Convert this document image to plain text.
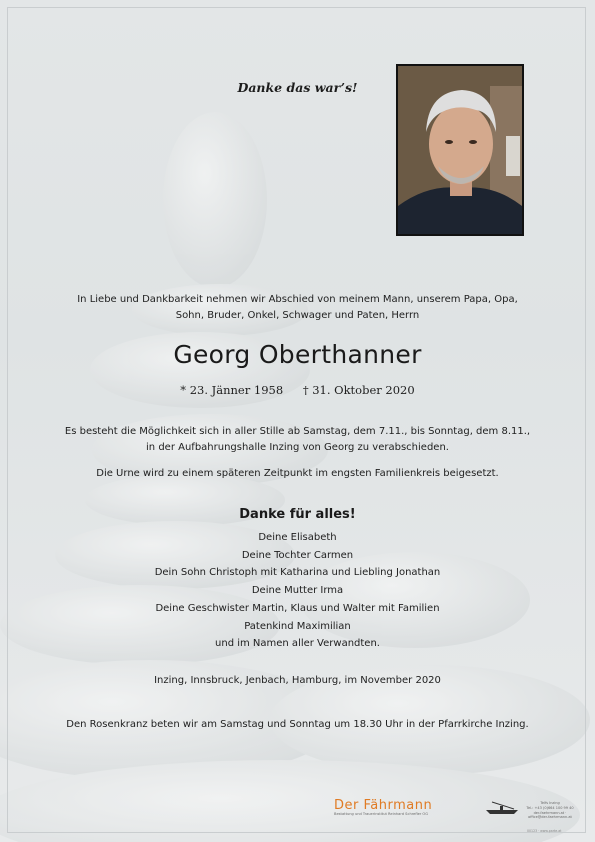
Danke das war’s!
In Liebe und Dankbarkeit nehmen wir Abschied von meinem Mann, unserem Papa, Opa,
Sohn, Bruder, Onkel, Schwager und Paten, Herrn
Georg Oberthanner
* 23. Jänner 1958 † 31. Oktober 2020
Es besteht die Möglichkeit sich in aller Stille ab Samstag, dem 7.11., bis Sonntag, dem 8.11.,
in der Aufbahrungshalle Inzing von Georg zu verabschieden.
Die Urne wird zu einem späteren Zeitpunkt im engsten Familienkreis beigesetzt.
Danke für alles!
Deine Elisabeth
Deine Tochter Carmen
Dein Sohn Christoph mit Katharina und Liebling Jonathan
Deine Mutter Irma
Deine Geschwister Martin, Klaus und Walter mit Familien
Patenkind Maximilian
und im Namen aller Verwandten.
Inzing, Innsbruck, Jenbach, Hamburg, im November 2020
Den Rosenkranz beten wir am Samstag und Sonntag um 18.30 Uhr in der Pfarrkirche Inzing.
Der Fährmann
Bestattung und Trauerinstitut Reinhard Schrefler OG
Telfs Inzing
Tel.: +43 (0)664 100 99 40
der-faehrmann.at · office@der-faehrmann.at
00123 · www.parte.at
